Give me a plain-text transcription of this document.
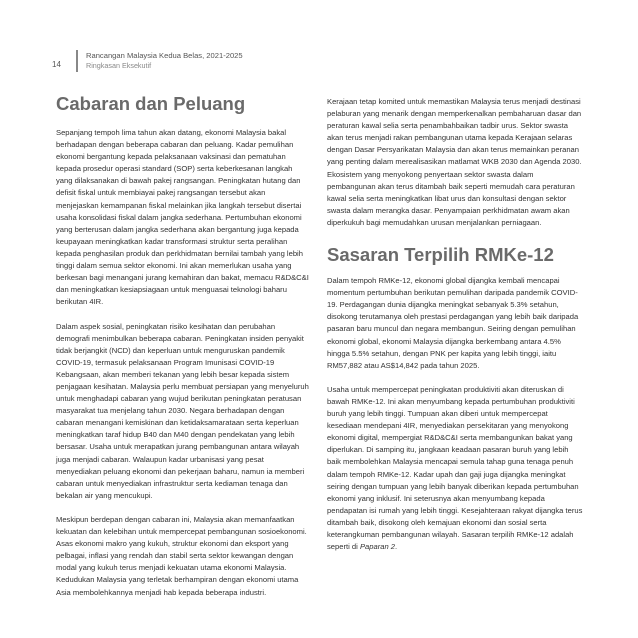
14
Rancangan Malaysia Kedua Belas, 2021-2025
Ringkasan Eksekutif
Cabaran dan Peluang

Sepanjang tempoh lima tahun akan datang, ekonomi Malaysia bakal berhadapan dengan beberapa cabaran dan peluang. Kadar pemulihan ekonomi bergantung kepada pelaksanaan vaksinasi dan pematuhan kepada prosedur operasi standard (SOP) serta keberkesanan langkah yang dilaksanakan di bawah pakej rangsangan. Peningkatan hutang dan defisit fiskal untuk membiayai pakej rangsangan tersebut akan menjejaskan kemampanan fiskal melainkan jika langkah tersebut disertai usaha konsolidasi fiskal dalam jangka sederhana. Pertumbuhan ekonomi yang berterusan dalam jangka sederhana akan bergantung juga kepada keupayaan meningkatkan kadar transformasi struktur serta peralihan kepada penghasilan produk dan perkhidmatan bernilai tambah yang lebih tinggi dalam semua sektor ekonomi. Ini akan memerlukan usaha yang berkesan bagi menangani jurang kemahiran dan bakat, memacu R&D&C&I dan meningkatkan kesiapsiagaan untuk menguasai teknologi baharu berikutan 4IR.

Dalam aspek sosial, peningkatan risiko kesihatan dan perubahan demografi menimbulkan beberapa cabaran. Peningkatan insiden penyakit tidak berjangkit (NCD) dan keperluan untuk menguruskan pandemik COVID-19, termasuk pelaksanaan Program Imunisasi COVID-19 Kebangsaan, akan memberi tekanan yang lebih besar kepada sistem penjagaan kesihatan. Malaysia perlu membuat persiapan yang menyeluruh untuk menghadapi cabaran yang wujud berikutan peningkatan peratusan masyarakat tua menjelang tahun 2030. Negara berhadapan dengan cabaran menangani kemiskinan dan ketidaksamarataan serta keperluan meningkatkan taraf hidup B40 dan M40 dengan pendekatan yang lebih bersasar. Usaha untuk merapatkan jurang pembangunan antara wilayah juga menjadi cabaran. Walaupun kadar urbanisasi yang pesat menyediakan peluang ekonomi dan pekerjaan baharu, namun ia memberi cabaran untuk menyediakan infrastruktur serta kediaman tenaga dan bekalan air yang mencukupi.

Meskipun berdepan dengan cabaran ini, Malaysia akan memanfaatkan kekuatan dan kelebihan untuk mempercepat pembangunan sosioekonomi. Asas ekonomi makro yang kukuh, struktur ekonomi dan eksport yang pelbagai, inflasi yang rendah dan stabil serta sektor kewangan dengan modal yang kukuh terus menjadi kekuatan utama ekonomi Malaysia. Kedudukan Malaysia yang terletak berhampiran dengan ekonomi utama Asia membolehkannya menjadi hab kepada beberapa industri.

Kerajaan tetap komited untuk memastikan Malaysia terus menjadi destinasi pelaburan yang menarik dengan memperkenalkan pembaharuan dasar dan peraturan kawal selia serta penambahbaikan tadbir urus. Sektor swasta akan terus menjadi rakan pembangunan utama kepada Kerajaan selaras dengan Dasar Persyarikatan Malaysia dan akan terus memainkan peranan yang penting dalam merealisasikan matlamat WKB 2030 dan Agenda 2030. Ekosistem yang menyokong penyertaan sektor swasta dalam pembangunan akan terus ditambah baik seperti memudah cara peraturan kawal selia serta meningkatkan libat urus dan konsultasi dengan sektor swasta dalam merangka dasar. Penyampaian perkhidmatan awam akan diperkukuh bagi memudahkan urusan menjalankan perniagaan.

Sasaran Terpilih RMKe-12

Dalam tempoh RMKe-12, ekonomi global dijangka kembali mencapai momentum pertumbuhan berikutan pemulihan daripada pandemik COVID-19. Perdagangan dunia dijangka meningkat sebanyak 5.3% setahun, disokong terutamanya oleh prestasi perdagangan yang lebih baik daripada pasaran baru muncul dan negara membangun. Seiring dengan pemulihan ekonomi global, ekonomi Malaysia dijangka berkembang antara 4.5% hingga 5.5% setahun, dengan PNK per kapita yang lebih tinggi, iaitu RM57,882 atau AS$14,842 pada tahun 2025.

Usaha untuk mempercepat peningkatan produktiviti akan diteruskan di bawah RMKe-12. Ini akan menyumbang kepada pertumbuhan produktiviti buruh yang lebih tinggi. Tumpuan akan diberi untuk mempercepat kesediaan mendepani 4IR, menyediakan persekitaran yang menyokong ekonomi digital, mempergiat R&D&C&I serta membangunkan bakat yang diperlukan. Di samping itu, jangkaan keadaan pasaran buruh yang lebih baik membolehkan Malaysia mencapai semula tahap guna tenaga penuh dalam tempoh RMKe-12. Kadar upah dan gaji juga dijangka meningkat seiring dengan tumpuan yang lebih banyak diberikan kepada pertumbuhan ekonomi yang inklusif. Ini seterusnya akan menyumbang kepada pendapatan isi rumah yang lebih tinggi. Kesejahteraan rakyat dijangka terus ditambah baik, disokong oleh kemajuan ekonomi dan sosial serta keterangkuman pembangunan wilayah. Sasaran terpilih RMKe-12 adalah seperti di Paparan 2.
